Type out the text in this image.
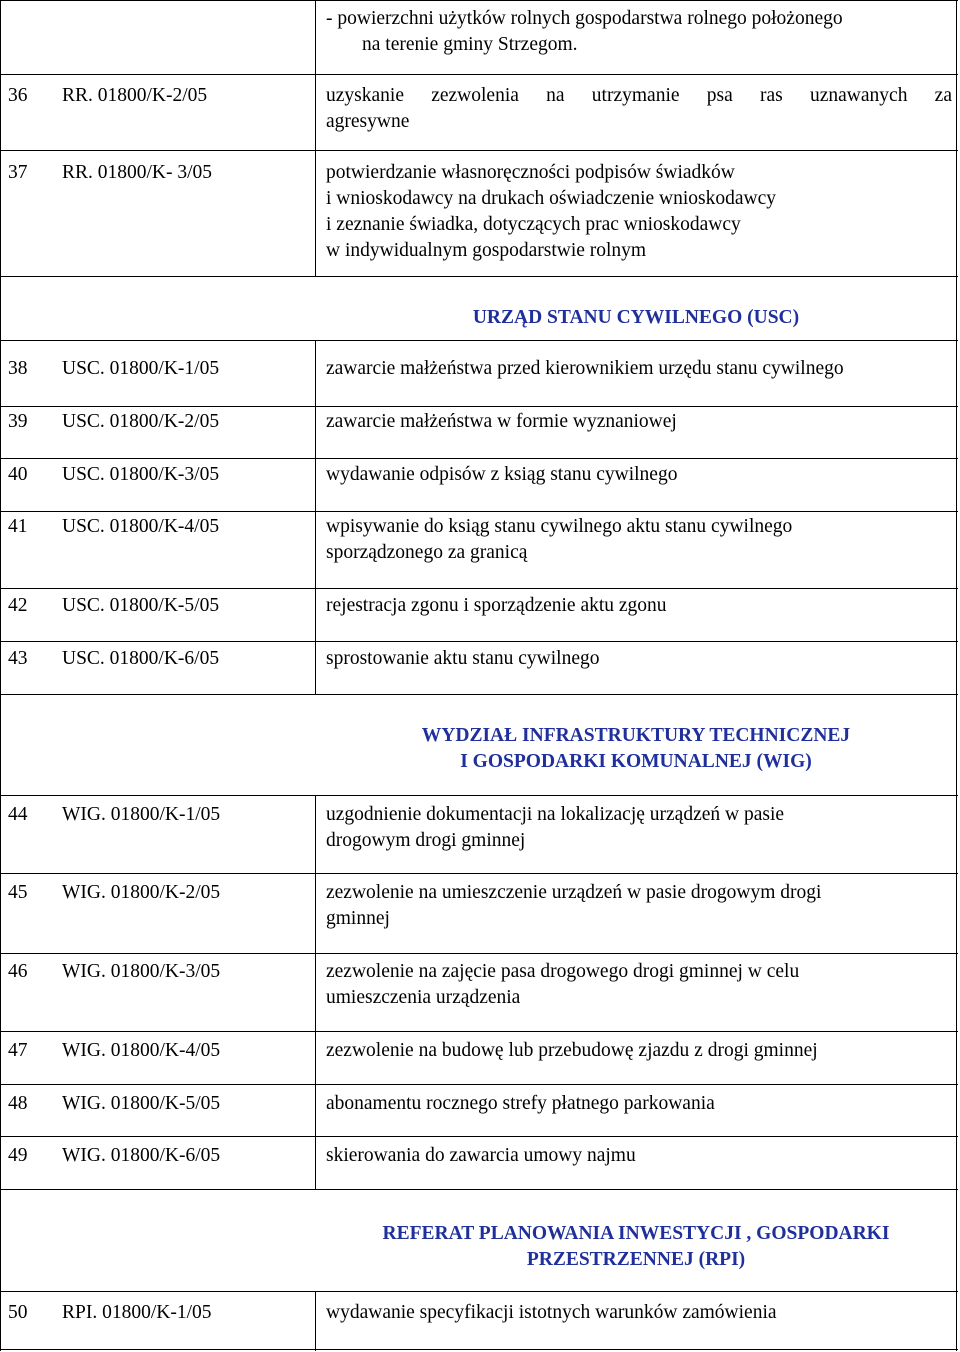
- powierzchni użytków rolnych gospodarstwa rolnego położonego
na terenie gminy Strzegom.
36 RR. 01800/K-2/05	uzyskanie zezwolenia na utrzymanie psa ras uznawanych za
agresywne
37 RR. 01800/K- 3/05	potwierdzanie własnoręczności podpisów świadków
i wnioskodawcy na drukach oświadczenie wnioskodawcy
i zeznanie świadka, dotyczących prac wnioskodawcy
w indywidualnym gospodarstwie rolnym
URZĄD STANU CYWILNEGO (USC)
38 USC. 01800/K-1/05	zawarcie małżeństwa przed kierownikiem urzędu stanu cywilnego
39 USC. 01800/K-2/05	zawarcie małżeństwa w formie wyznaniowej
40 USC. 01800/K-3/05	wydawanie odpisów z ksiąg stanu cywilnego
41 USC. 01800/K-4/05	wpisywanie do ksiąg stanu cywilnego aktu stanu cywilnego
sporządzonego za granicą
42 USC. 01800/K-5/05	rejestracja zgonu i sporządzenie aktu zgonu
43 USC. 01800/K-6/05	sprostowanie aktu stanu cywilnego
WYDZIAŁ INFRASTRUKTURY TECHNICZNEJ
I GOSPODARKI KOMUNALNEJ (WIG)
44 WIG. 01800/K-1/05	uzgodnienie dokumentacji na lokalizację urządzeń w pasie
drogowym drogi gminnej
45 WIG. 01800/K-2/05	zezwolenie na umieszczenie urządzeń w pasie drogowym drogi
gminnej
46 WIG. 01800/K-3/05	zezwolenie na zajęcie pasa drogowego drogi gminnej w celu
umieszczenia urządzenia
47 WIG. 01800/K-4/05	zezwolenie na budowę lub przebudowę zjazdu z drogi gminnej
48 WIG. 01800/K-5/05	abonamentu rocznego strefy płatnego parkowania
49 WIG. 01800/K-6/05	skierowania do zawarcia umowy najmu
REFERAT PLANOWANIA INWESTYCJI , GOSPODARKI
PRZESTRZENNEJ (RPI)
50 RPI. 01800/K-1/05	wydawanie specyfikacji istotnych warunków zamówienia
